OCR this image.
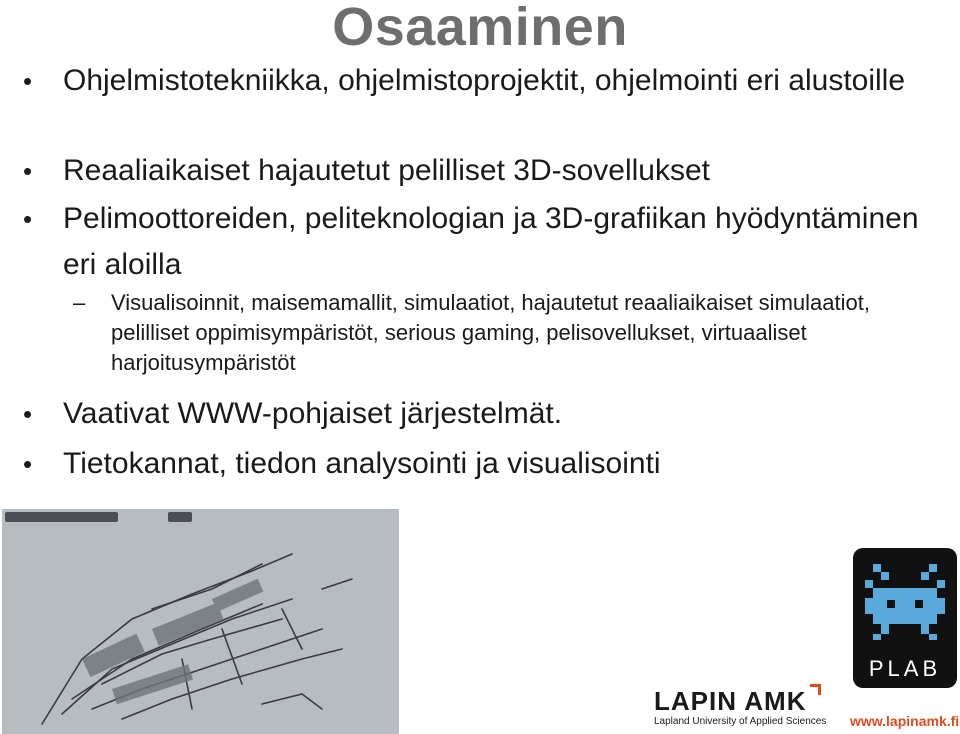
Osaaminen
• Ohjelmistotekniikka, ohjelmistoprojektit, ohjelmointi eri alustoille
• Reaaliaikaiset hajautetut pelilliset 3D-sovellukset
• Pelimoottoreiden, peliteknologian ja 3D-grafiikan hyödyntäminen eri aloilla
– Visualisoinnit, maisemamallit, simulaatiot, hajautetut reaaliaikaiset simulaatiot, pelilliset oppimisympäristöt, serious gaming, pelisovellukset, virtuaaliset harjoitusympäristöt
• Vaativat WWW-pohjaiset järjestelmät.
• Tietokannat, tiedon analysointi ja visualisointi
PLAB
LAPIN AMK
Lapland University of Applied Sciences www.lapinamk.fi
